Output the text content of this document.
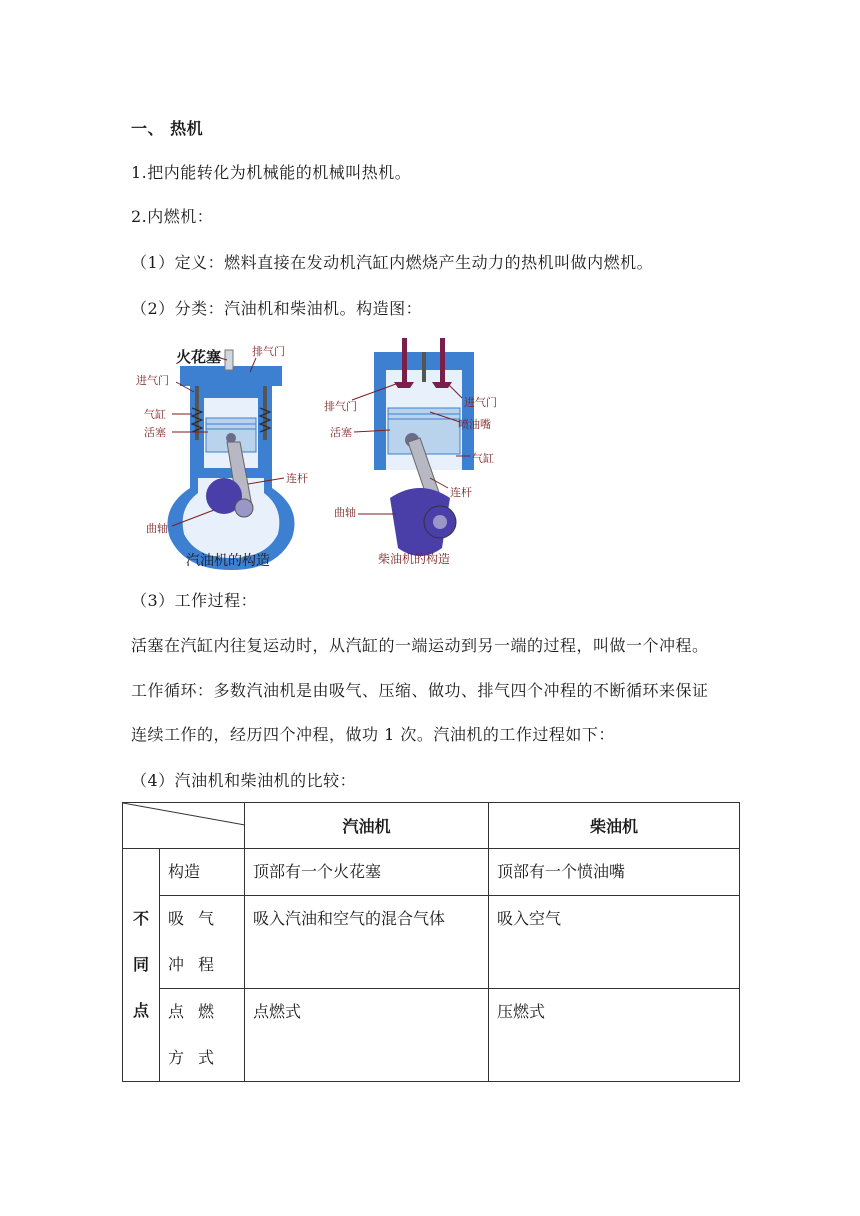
一、 热机
1.把内能转化为机械能的机械叫热机。
2.内燃机：
（1）定义：燃料直接在发动机汽缸内燃烧产生动力的热机叫做内燃机。
（2）分类：汽油机和柴油机。构造图：
火花塞	排气门
进气门
气缸
活塞
连杆
曲轴
汽油机的构造
排气门	进气门
活塞
喷油嘴
气缸
连杆
曲轴
柴油机的构造
（3）工作过程：
活塞在汽缸内往复运动时，从汽缸的一端运动到另一端的过程，叫做一个冲程。
工作循环：多数汽油机是由吸气、压缩、做功、排气四个冲程的不断循环来保证
连续工作的，经历四个冲程，做功 1 次。汽油机的工作过程如下：
（4）汽油机和柴油机的比较：
	汽油机	柴油机

不
同
点	构造	顶部有一个火花塞	顶部有一个愤油嘴
	吸气冲程	吸入汽油和空气的混合气体	吸入空气
	点燃方式	点燃式	压燃式
